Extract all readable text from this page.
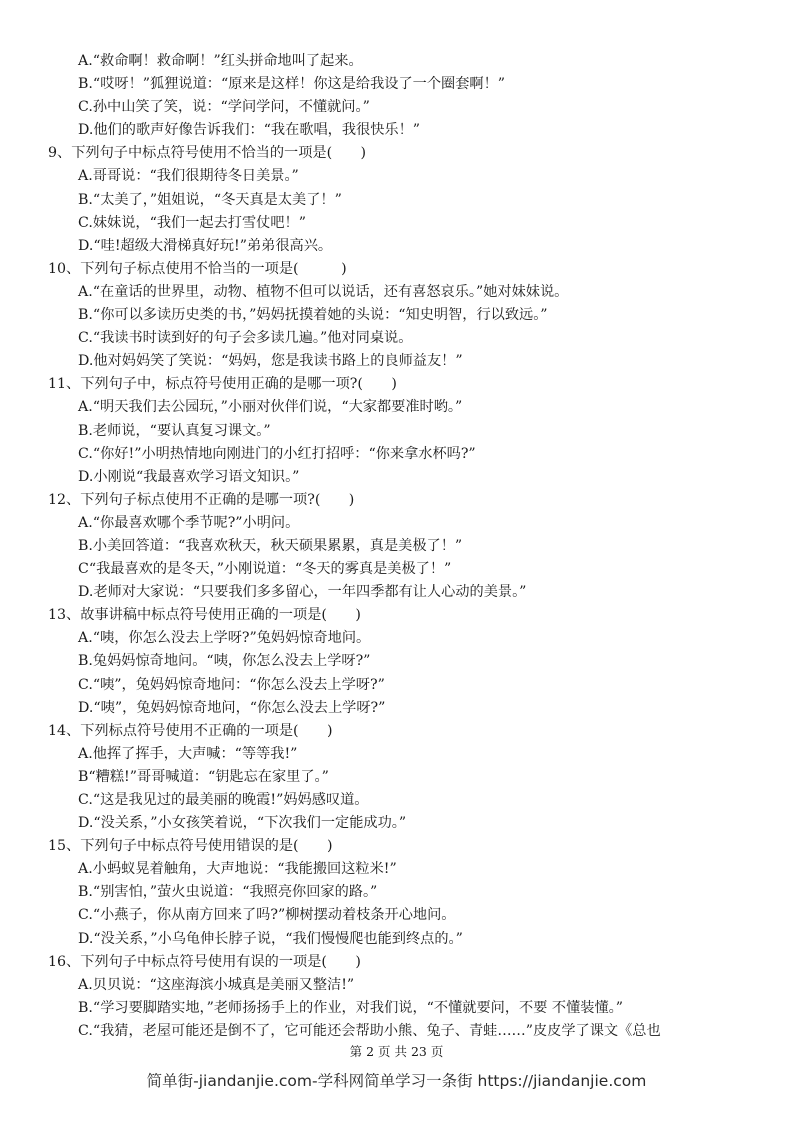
A.“救命啊！救命啊！”红头拼命地叫了起来。
B.“哎呀！”狐狸说道：“原来是这样！你这是给我设了一个圈套啊！”
C.孙中山笑了笑，说：“学问学问，不懂就问。”
D.他们的歌声好像告诉我们：“我在歌唱，我很快乐！”
9、下列句子中标点符号使用不恰当的一项是(　　)
A.哥哥说：“我们很期待冬日美景。”
B.“太美了，”姐姐说，“冬天真是太美了！”
C.妹妹说，“我们一起去打雪仗吧！”
D.“哇!超级大滑梯真好玩!”弟弟很高兴。
10、下列句子标点使用不恰当的一项是(　　　)
A.“在童话的世界里，动物、植物不但可以说话，还有喜怒哀乐。”她对妹妹说。
B.“你可以多读历史类的书，”妈妈抚摸着她的头说：“知史明智，行以致远。”
C.“我读书时读到好的句子会多读几遍。”他对同桌说。
D.他对妈妈笑了笑说：“妈妈，您是我读书路上的良师益友！”
11、下列句子中，标点符号使用正确的是哪一项?(　　)
A.“明天我们去公园玩，”小丽对伙伴们说，“大家都要准时哟。”
B.老师说，“要认真复习课文。”
C.“你好!”小明热情地向刚进门的小红打招呼：“你来拿水杯吗?”
D.小刚说“我最喜欢学习语文知识。”
12、下列句子标点使用不正确的是哪一项?(　　)
A.“你最喜欢哪个季节呢?”小明问。
B.小美回答道：“我喜欢秋天，秋天硕果累累，真是美极了！”
C“我最喜欢的是冬天，”小刚说道：“冬天的雾真是美极了！”
D.老师对大家说：“只要我们多多留心，一年四季都有让人心动的美景。”
13、故事讲稿中标点符号使用正确的一项是(　　)
A.“咦，你怎么没去上学呀?”兔妈妈惊奇地问。
B.兔妈妈惊奇地问。“咦，你怎么没去上学呀?”
C.“咦”，兔妈妈惊奇地问：“你怎么没去上学呀?”
D.“咦”，兔妈妈惊奇地问，“你怎么没去上学呀?”
14、下列标点符号使用不正确的一项是(　　)
A.他挥了挥手，大声喊：“等等我!”
B“糟糕!”哥哥喊道：“钥匙忘在家里了。”
C.“这是我见过的最美丽的晚霞!”妈妈感叹道。
D.“没关系，”小女孩笑着说，“下次我们一定能成功。”
15、下列句子中标点符号使用错误的是(　　)
A.小蚂蚁晃着触角，大声地说：“我能搬回这粒米!”
B.“别害怕，”萤火虫说道：“我照亮你回家的路。”
C.“小燕子，你从南方回来了吗?”柳树摆动着枝条开心地问。
D.“没关系，”小乌龟伸长脖子说，“我们慢慢爬也能到终点的。”
16、下列句子中标点符号使用有误的一项是(　　)
A.贝贝说：“这座海滨小城真是美丽又整洁!”
B.“学习要脚踏实地，”老师扬扬手上的作业，对我们说，“不懂就要问，不要 不懂装懂。”
C.“我猜，老屋可能还是倒不了，它可能还会帮助小熊、兔子、青蛙……”皮皮学了课文《总也
第 2 页 共 23 页
简单街-jiandanjie.com-学科网简单学习一条街 https://jiandanjie.com
